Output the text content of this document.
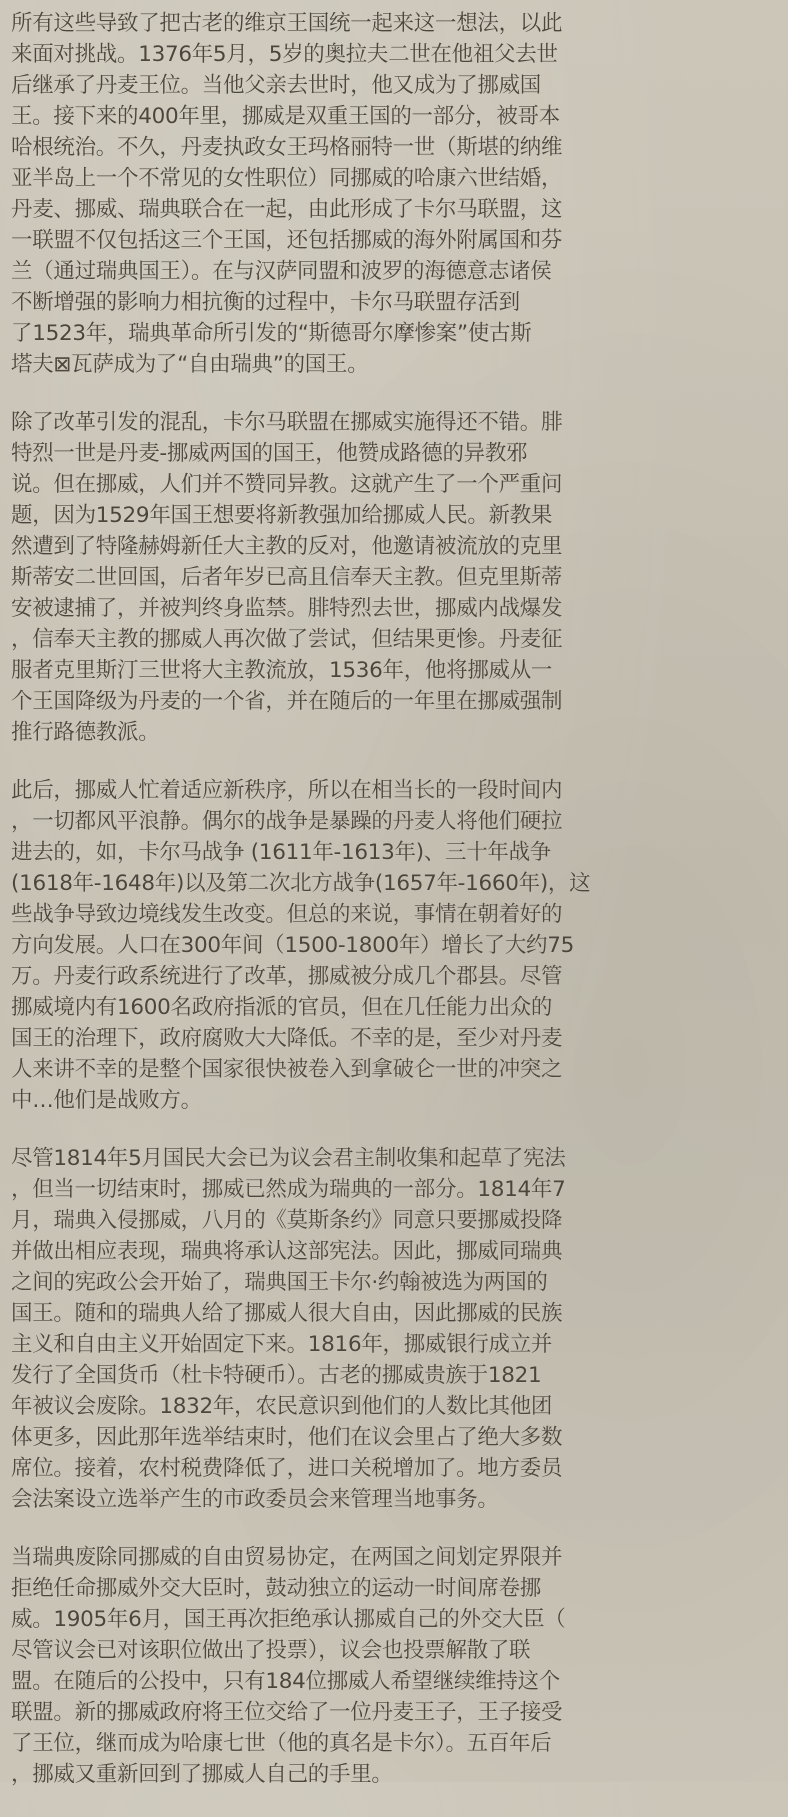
所有这些导致了把古老的维京王国统一起来这一想法，以此
来面对挑战。1376年5月，5岁的奥拉夫二世在他祖父去世
后继承了丹麦王位。当他父亲去世时，他又成为了挪威国
王。接下来的400年里，挪威是双重王国的一部分，被哥本
哈根统治。不久，丹麦执政女王玛格丽特一世（斯堪的纳维
亚半岛上一个不常见的女性职位）同挪威的哈康六世结婚，
丹麦、挪威、瑞典联合在一起，由此形成了卡尔马联盟，这
一联盟不仅包括这三个王国，还包括挪威的海外附属国和芬
兰（通过瑞典国王）。在与汉萨同盟和波罗的海德意志诸侯
不断增强的影响力相抗衡的过程中，卡尔马联盟存活到
了1523年，瑞典革命所引发的“斯德哥尔摩惨案”使古斯
塔夫⊠瓦萨成为了“自由瑞典”的国王。

除了改革引发的混乱，卡尔马联盟在挪威实施得还不错。腓
特烈一世是丹麦-挪威两国的国王，他赞成路德的异教邪
说。但在挪威，人们并不赞同异教。这就产生了一个严重问
题，因为1529年国王想要将新教强加给挪威人民。新教果
然遭到了特隆赫姆新任大主教的反对，他邀请被流放的克里
斯蒂安二世回国，后者年岁已高且信奉天主教。但克里斯蒂
安被逮捕了，并被判终身监禁。腓特烈去世，挪威内战爆发
，信奉天主教的挪威人再次做了尝试，但结果更惨。丹麦征
服者克里斯汀三世将大主教流放，1536年，他将挪威从一
个王国降级为丹麦的一个省，并在随后的一年里在挪威强制
推行路德教派。

此后，挪威人忙着适应新秩序，所以在相当长的一段时间内
，一切都风平浪静。偶尔的战争是暴躁的丹麦人将他们硬拉
进去的，如，卡尔马战争 (1611年-1613年)、三十年战争
(1618年-1648年)以及第二次北方战争(1657年-1660年)，这
些战争导致边境线发生改变。但总的来说，事情在朝着好的
方向发展。人口在300年间（1500-1800年）增长了大约75
万。丹麦行政系统进行了改革，挪威被分成几个郡县。尽管
挪威境内有1600名政府指派的官员，但在几任能力出众的
国王的治理下，政府腐败大大降低。不幸的是，至少对丹麦
人来讲不幸的是整个国家很快被卷入到拿破仑一世的冲突之
中…他们是战败方。

尽管1814年5月国民大会已为议会君主制收集和起草了宪法
，但当一切结束时，挪威已然成为瑞典的一部分。1814年7
月，瑞典入侵挪威，八月的《莫斯条约》同意只要挪威投降
并做出相应表现，瑞典将承认这部宪法。因此，挪威同瑞典
之间的宪政公会开始了，瑞典国王卡尔·约翰被选为两国的
国王。随和的瑞典人给了挪威人很大自由，因此挪威的民族
主义和自由主义开始固定下来。1816年，挪威银行成立并
发行了全国货币（杜卡特硬币）。古老的挪威贵族于1821
年被议会废除。1832年，农民意识到他们的人数比其他团
体更多，因此那年选举结束时，他们在议会里占了绝大多数
席位。接着，农村税费降低了，进口关税增加了。地方委员
会法案设立选举产生的市政委员会来管理当地事务。

当瑞典废除同挪威的自由贸易协定，在两国之间划定界限并
拒绝任命挪威外交大臣时，鼓动独立的运动一时间席卷挪
威。1905年6月，国王再次拒绝承认挪威自己的外交大臣（
尽管议会已对该职位做出了投票），议会也投票解散了联
盟。在随后的公投中，只有184位挪威人希望继续维持这个
联盟。新的挪威政府将王位交给了一位丹麦王子，王子接受
了王位，继而成为哈康七世（他的真名是卡尔）。五百年后
，挪威又重新回到了挪威人自己的手里。
